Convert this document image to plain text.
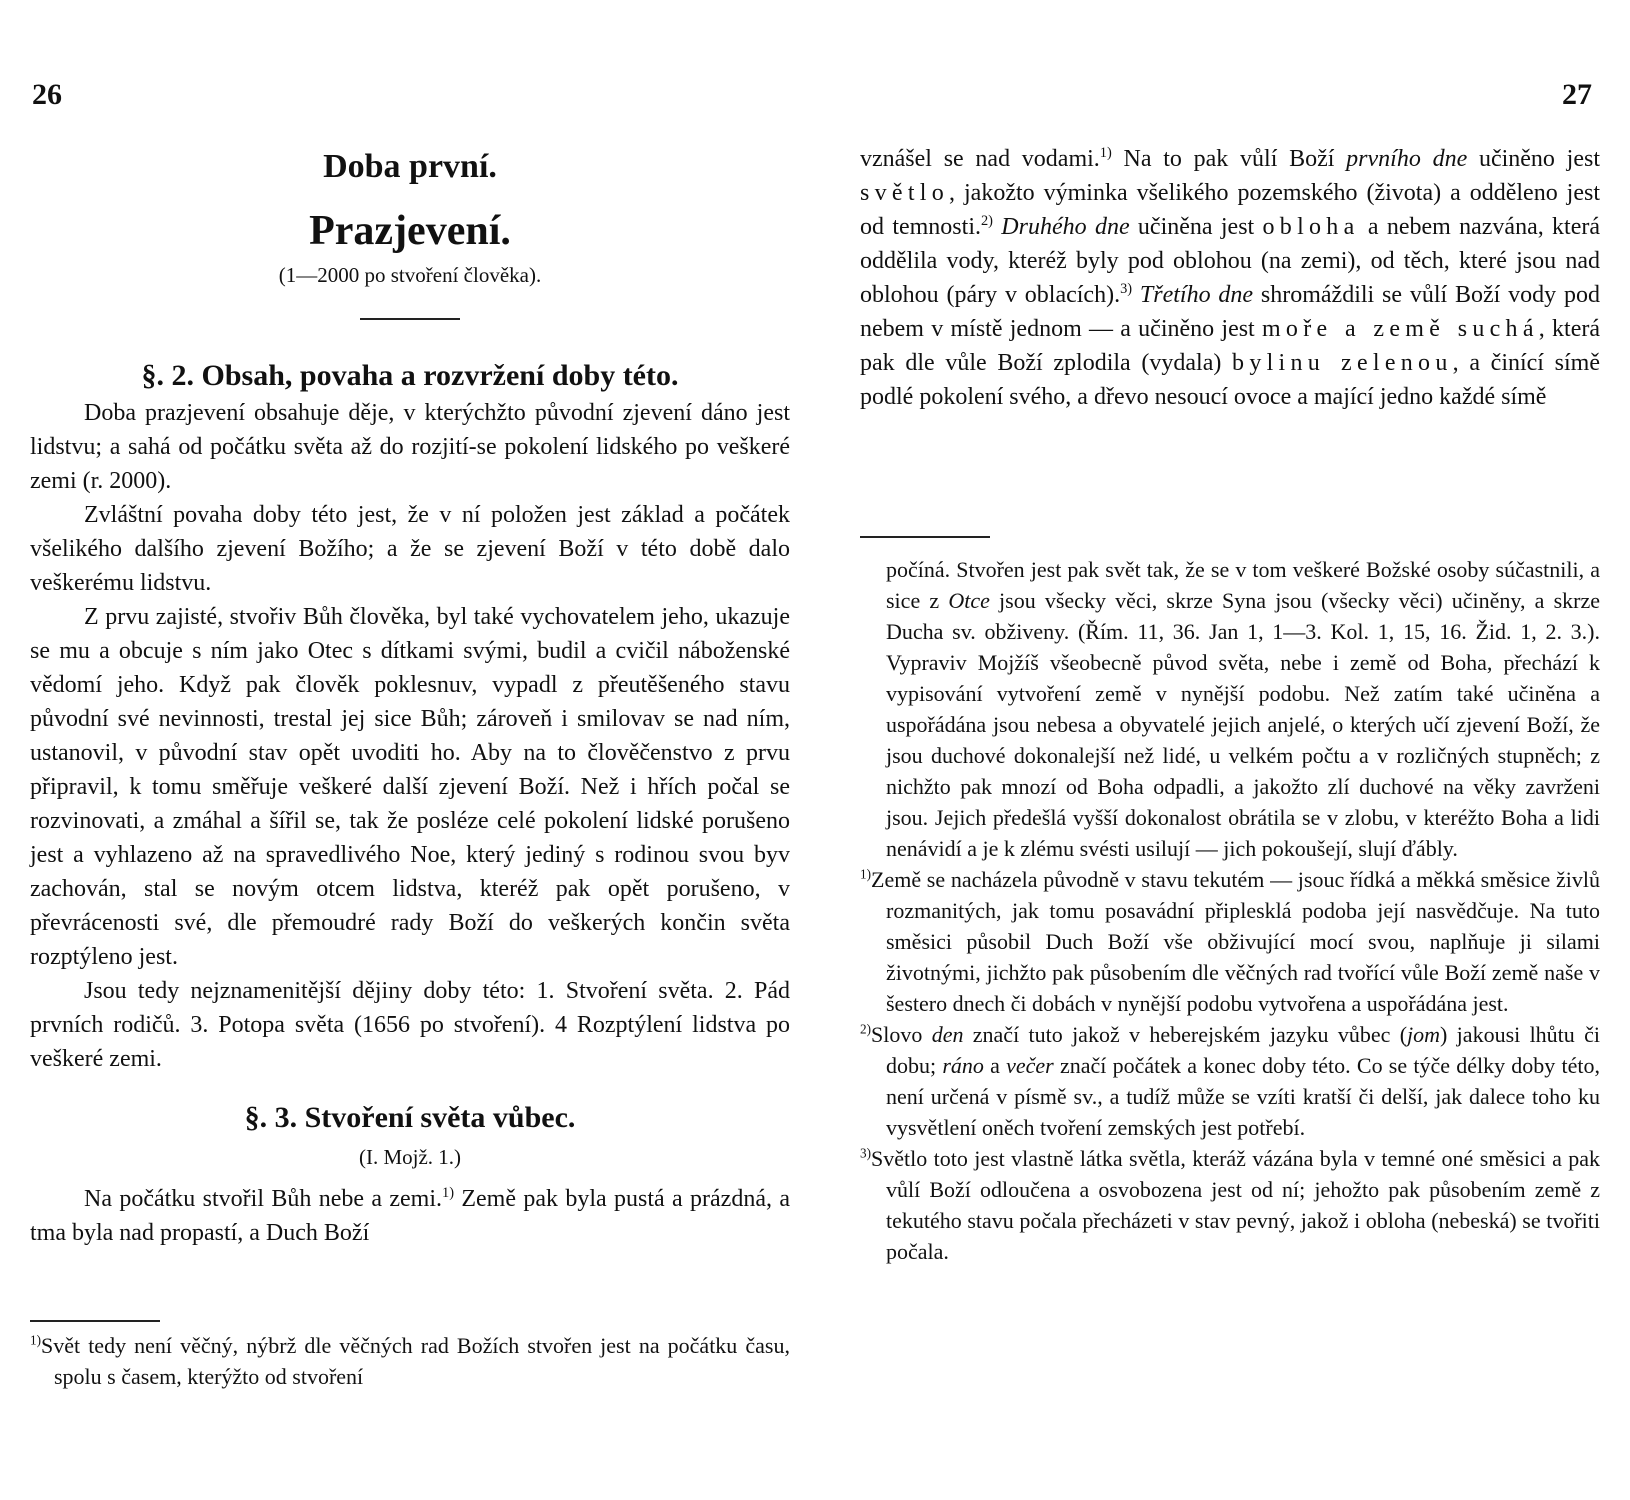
26
Doba první.
Prazjevení.
(1—2000 po stvoření člověka).
§. 2. Obsah, povaha a rozvržení doby této.

Doba prazjevení obsahuje děje, v kterýchžto původní zjevení dáno jest lidstvu; a sahá od počátku světa až do rozjití-se pokolení lidského po veškeré zemi (r. 2000).

Zvláštní povaha doby této jest, že v ní položen jest základ a počátek všelikého dalšího zjevení Božího; a že se zjevení Boží v této době dalo veškerému lidstvu.

Z prvu zajisté, stvořiv Bůh člověka, byl také vychovatelem jeho, ukazuje se mu a obcuje s ním jako Otec s dítkami svými, budil a cvičil náboženské vědomí jeho. Když pak člověk poklesnuv, vypadl z přeutěšeného stavu původní své nevinnosti, trestal jej sice Bůh; zároveň i smilovav se nad ním, ustanovil, v původní stav opět uvoditi ho. Aby na to člověčenstvo z prvu připravil, k tomu směřuje veškeré další zjevení Boží. Než i hřích počal se rozvinovati, a zmáhal a šířil se, tak že posléze celé pokolení lidské porušeno jest a vyhlazeno až na spravedlivého Noe, který jediný s rodinou svou byv zachován, stal se novým otcem lidstva, kteréž pak opět porušeno, v převrácenosti své, dle přemoudré rady Boží do veškerých končin světa rozptýleno jest.

Jsou tedy nejznamenitější dějiny doby této: 1. Stvoření světa. 2. Pád prvních rodičů. 3. Potopa světa (1656 po stvoření). 4 Rozptýlení lidstva po veškeré zemi.

§. 3. Stvoření světa vůbec.
(I. Mojž. 1.)

Na počátku stvořil Bůh nebe a zemi.$^{1)}$ Země pak byla pustá a prázdná, a tma byla nad propastí, a Duch Boží

$^{1)}$Svět tedy není věčný, nýbrž dle věčných rad Božích stvořen jest na počátku času, spolu s časem, kterýžto od stvoření

27

vznášel se nad vodami.$^{1)}$ Na to pak vůlí Boží prvního dne učiněno jest světlo, jakožto výminka všelikého pozemského (života) a odděleno jest od temnosti.$^{2)}$ Druhého dne učiněna jest obloha a nebem nazvána, která oddělila vody, kteréž byly pod oblohou (na zemi), od těch, které jsou nad oblohou (páry v oblacích).$^{3)}$ Třetího dne shromáždili se vůlí Boží vody pod nebem v místě jednom — a učiněno jest moře a země suchá, která pak dle vůle Boží zplodila (vydala) bylinu zelenou, a činící símě podlé pokolení svého, a dřevo nesoucí ovoce a mající jedno každé símě

počíná. Stvořen jest pak svět tak, že se v tom veškeré Božské osoby súčastnili, a sice z Otce jsou všecky věci, skrze Syna jsou (všecky věci) učiněny, a skrze Ducha sv. obživeny. (Řím. 11, 36. Jan 1, 1—3. Kol. 1, 15, 16. Žid. 1, 2. 3.). Vypraviv Mojžíš všeobecně původ světa, nebe i země od Boha, přechází k vypisování vytvoření země v nynější podobu. Než zatím také učiněna a uspořádána jsou nebesa a obyvatelé jejich anjelé, o kterých učí zjevení Boží, že jsou duchové dokonalejší než lidé, u velkém počtu a v rozličných stupněch; z nichžto pak mnozí od Boha odpadli, a jakožto zlí duchové na věky zavrženi jsou. Jejich předešlá vyšší dokonalost obrátila se v zlobu, v kteréžto Boha a lidi nenávidí a je k zlému svésti usilují — jich pokoušejí, slují ďábly.

$^{1)}$Země se nacházela původně v stavu tekutém — jsouc řídká a měkká směsice živlů rozmanitých, jak tomu posavádní připlesklá podoba její nasvědčuje. Na tuto směsici působil Duch Boží vše obživující mocí svou, naplňuje ji silami životnými, jichžto pak působením dle věčných rad tvořící vůle Boží země naše v šestero dnech či dobách v nynější podobu vytvořena a uspořádána jest.

$^{2)}$Slovo den značí tuto jakož v heberejském jazyku vůbec (jom) jakousi lhůtu či dobu; ráno a večer značí počátek a konec doby této. Co se týče délky doby této, není určená v písmě sv., a tudíž může se vzíti kratší či delší, jak dalece toho ku vysvětlení oněch tvoření zemských jest potřebí.

$^{3)}$Světlo toto jest vlastně látka světla, kteráž vázána byla v temné oné směsici a pak vůlí Boží odloučena a osvobozena jest od ní; jehožto pak působením země z tekutého stavu počala přecházeti v stav pevný, jakož i obloha (nebeská) se tvořiti počala.
